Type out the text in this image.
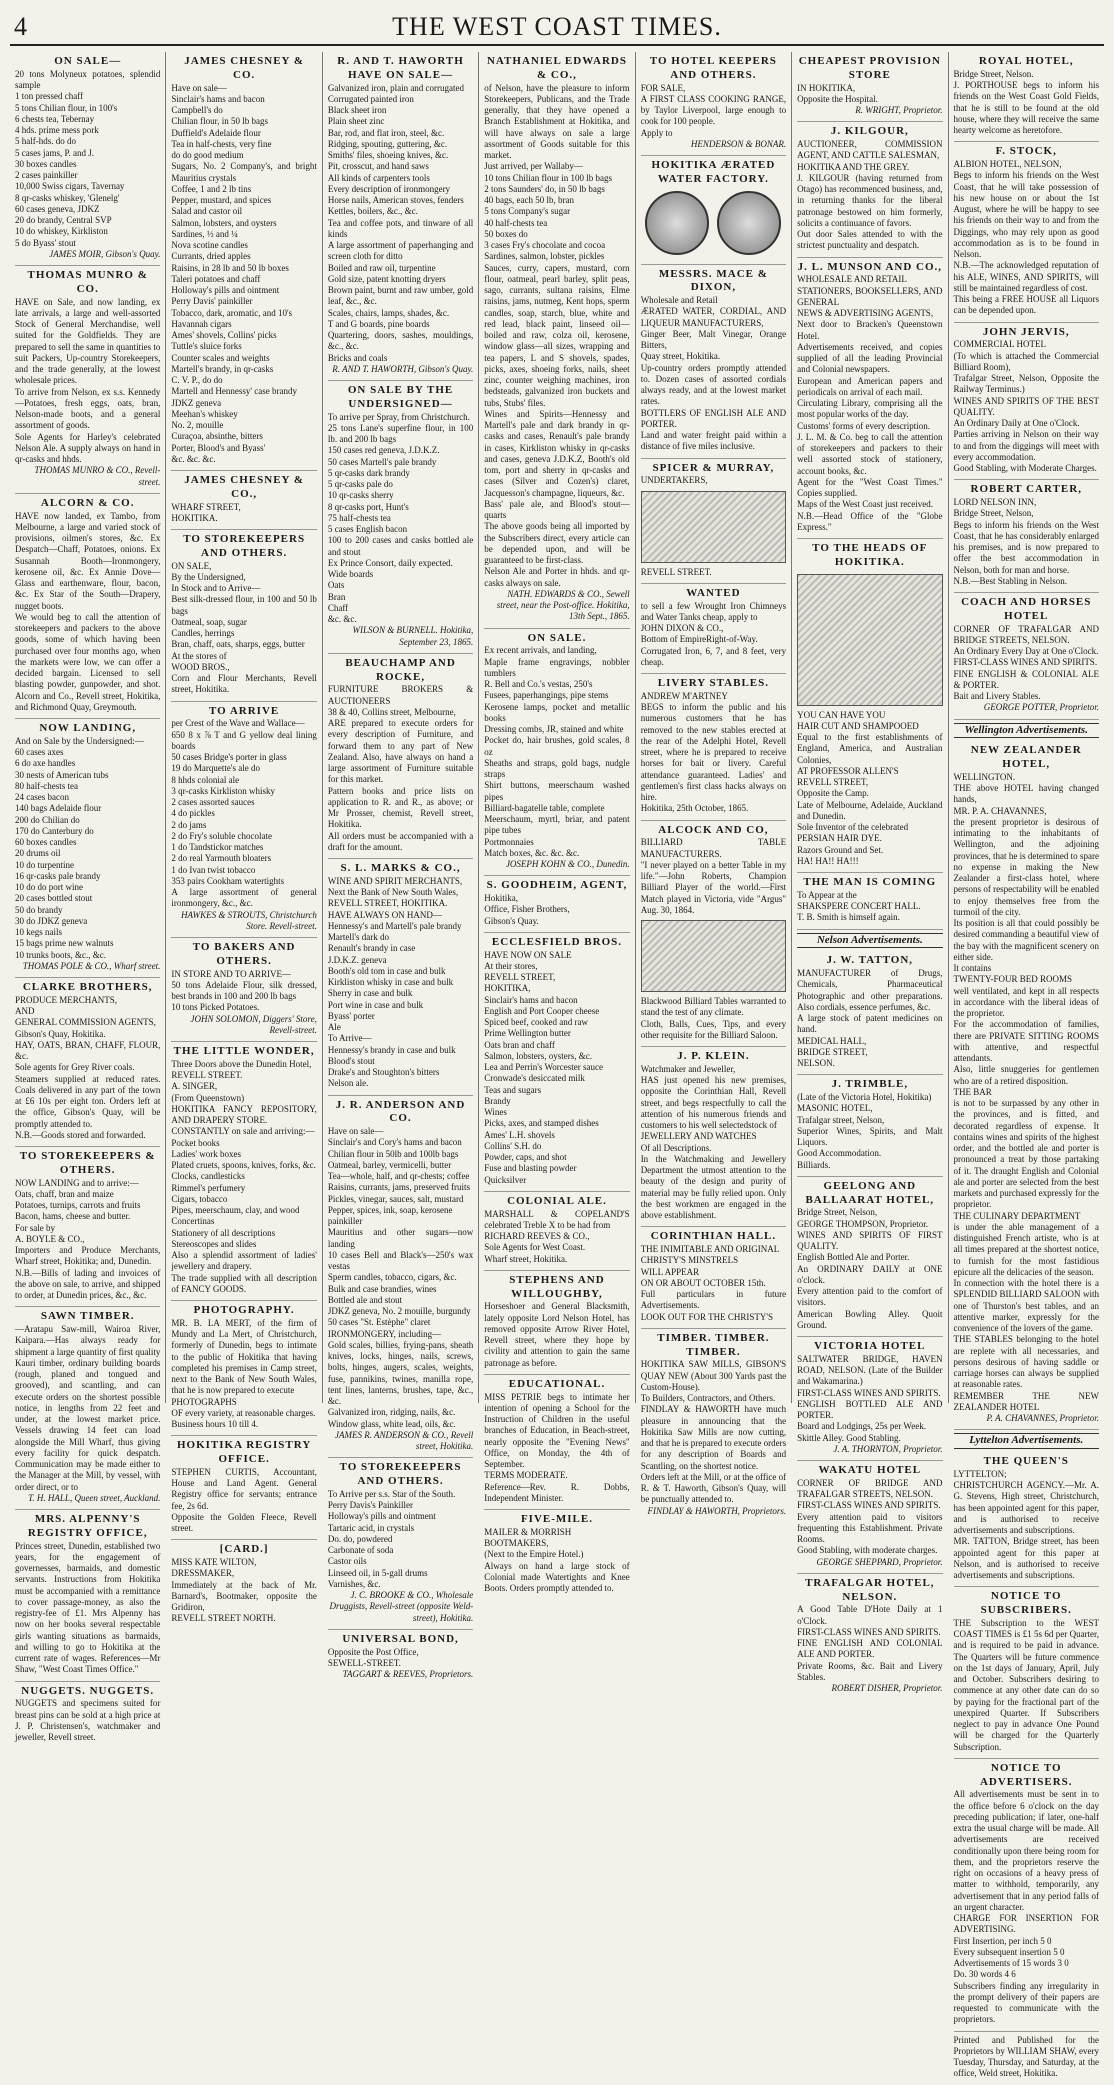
4	THE WEST COAST TIMES.
ON SALE—
20 tons Molyneux potatoes, splendid sample
1 ton pressed chaff
5 tons Chilian flour, in 100's
6 chests tea, Tebernay
4 hds. prime mess pork
5 half-hds. do do
5 cases jams, P. and J.
30 boxes candles
2 cases painkiller
10,000 Swiss cigars, Tavernay
8 qr-casks whiskey, 'Glenelg'
60 cases geneva, JDKZ
20 do brandy, Central SVP
10 do whiskey, Kirkliston
5 do Byass' stout
JAMES MOIR, Gibson's Quay.
THOMAS MUNRO & CO.
HAVE on Sale, and now landing, ex late arrivals, a large and well-assorted Stock of General Merchandise, well suited for the Goldfields. They are prepared to sell the same in quantities to suit Packers, Up-country Storekeepers, and the trade generally, at the lowest wholesale prices.
To arrive from Nelson, ex s.s. Kennedy—Potatoes, fresh eggs, oats, bran, Nelson-made boots, and a general assortment of goods.
Sole Agents for Harley's celebrated Nelson Ale. A supply always on hand in qr-casks and hhds.
THOMAS MUNRO & CO., Revell-street.
ALCORN & CO.
HAVE now landed, ex Tambo, from Melbourne, a large and varied stock of provisions, oilmen's stores, &c. Ex Despatch—Chaff, Potatoes, onions. Ex Susannah Booth—Ironmongery, kerosene oil, &c. Ex Annie Dove—Glass and earthenware, flour, bacon, &c. Ex Star of the South—Drapery, nugget boots.
We would beg to call the attention of storekeepers and packers to the above goods, some of which having been purchased over four months ago, when the markets were low, we can offer a decided bargain. Licensed to sell blasting powder, gunpowder, and shot. Alcorn and Co., Revell street, Hokitika, and Richmond Quay, Greymouth.
NOW LANDING,
And on Sale by the Undersigned:—
60 cases axes
6 do axe handles
30 nests of American tubs
80 half-chests tea
24 cases bacon
140 bags Adelaide flour
200 do Chilian do
170 do Canterbury do
60 boxes candles
20 drums oil
10 do turpentine
16 qr-casks pale brandy
10 do do port wine
20 cases bottled stout
50 do brandy
30 do JDKZ geneva
10 kegs nails
15 bags prime new walnuts
10 trunks boots, &c., &c.
THOMAS POLE & CO., Wharf street.
CLARKE BROTHERS,
PRODUCE MERCHANTS,
AND
GENERAL COMMISSION AGENTS,
Gibson's Quay, Hokitika.
HAY, OATS, BRAN, CHAFF, FLOUR, &c.
Sole agents for Grey River coals.
Steamers supplied at reduced rates. Coals delivered in any part of the town at £6 10s per eight ton. Orders left at the office, Gibson's Quay, will be promptly attended to.
N.B.—Goods stored and forwarded.
TO STOREKEEPERS & OTHERS.
NOW LANDING and to arrive:—
Oats, chaff, bran and maize
Potatoes, turnips, carrots and fruits
Bacon, hams, cheese and butter.
For sale by
A. BOYLE & CO.,
Importers and Produce Merchants, Wharf street, Hokitika; and, Dunedin.
N.B.—Bills of lading and invoices of the above on sale, to arrive, and shipped to order, at Dunedin prices, &c., &c.
SAWN TIMBER.
—Aratapu Saw-mill, Wairoa River, Kaipara.—Has always ready for shipment a large quantity of first quality Kauri timber, ordinary building boards (rough, planed and tongued and grooved), and scantling, and can execute orders on the shortest possible notice, in lengths from 22 feet and under, at the lowest market price. Vessels drawing 14 feet can load alongside the Mill Wharf, thus giving every facility for quick despatch. Communication may be made either to the Manager at the Mill, by vessel, with order direct, or to
T. H. HALL, Queen street, Auckland.
MRS. ALPENNY'S REGISTRY OFFICE,
Princes street, Dunedin, established two years, for the engagement of governesses, barmaids, and domestic servants. Instructions from Hokitika must be accompanied with a remittance to cover passage-money, as also the registry-fee of £1. Mrs Alpenny has now on her books several respectable girls wanting situations as barmaids, and willing to go to Hokitika at the current rate of wages. References—Mr Shaw, "West Coast Times Office."
NUGGETS. NUGGETS.
NUGGETS and specimens suited for breast pins can be sold at a high price at J. P. Christensen's, watchmaker and jeweller, Revell street.
JAMES CHESNEY & CO.
Have on sale—
Sinclair's hams and bacon
Campbell's do
Chilian flour, in 50 lb bags
Duffield's Adelaide flour
Tea in half-chests, very fine
do do good medium
Sugars, No. 2 Company's, and bright Mauritius crystals
Coffee, 1 and 2 lb tins
Pepper, mustard, and spices
Salad and castor oil
Salmon, lobsters, and oysters
Sardines, ½ and ¼
Nova scotine candles
Currants, dried apples
Raisins, in 28 lb and 50 lb boxes
Taleri potatoes and chaff
Holloway's pills and ointment
Perry Davis' painkiller
Tobacco, dark, aromatic, and 10's
Havannah cigars
Ames' shovels, Collins' picks
Tuttle's sluice forks
Counter scales and weights
Martell's brandy, in qr-casks
C. V. P., do do
Martell and Hennessy' case brandy
JDKZ geneva
Meehan's whiskey
No. 2, mouille
Curaçoa, absinthe, bitters
Porter, Blood's and Byass'
&c. &c. &c.
JAMES CHESNEY & CO.,
WHARF STREET,
HOKITIKA.
TO STOREKEEPERS AND OTHERS.
ON SALE,
By the Undersigned,
In Stock and to Arrive—
Best silk-dressed flour, in 100 and 50 lb bags
Oatmeal, soap, sugar
Candles, herrings
Bran, chaff, oats, sharps, eggs, butter
At the stores of
WOOD BROS.,
Corn and Flour Merchants, Revell street, Hokitika.
TO ARRIVE
per Crest of the Wave and Wallace—
650 8 x ⅞ T and G yellow deal lining boards
50 cases Bridge's porter in glass
19 do Marquette's ale do
8 hhds colonial ale
3 qr-casks Kirkliston whisky
2 cases assorted sauces
4 do pickles
2 do jams
2 do Fry's soluble chocolate
1 do Tandstickor matches
2 do real Yarmouth bloaters
1 do Ivan twist tobacco
353 pairs Cookham watertights
A large assortment of general ironmongery, &c., &c.
HAWKES & STROUTS, Christchurch Store. Revell-street.
TO BAKERS AND OTHERS.
IN STORE AND TO ARRIVE—
50 tons Adelaide Flour, silk dressed, best brands in 100 and 200 lb bags
10 tons Picked Potatoes.
JOHN SOLOMON, Diggers' Store, Revell-street.
THE LITTLE WONDER,
Three Doors above the Dunedin Hotel,
REVELL STREET.
A. SINGER,
(From Queenstown)
HOKITIKA FANCY REPOSITORY, AND DRAPERY STORE.
CONSTANTLY on sale and arriving:—
Pocket books
Ladies' work boxes
Plated cruets, spoons, knives, forks, &c.
Clocks, candlesticks
Rimmel's perfumery
Cigars, tobacco
Pipes, meerschaum, clay, and wood
Concertinas
Stationery of all descriptions
Stereoscopes and slides
Also a splendid assortment of ladies' jewellery and drapery.
The trade supplied with all description of FANCY GOODS.
PHOTOGRAPHY.
MR. B. LA MERT, of the firm of Mundy and La Mert, of Christchurch, formerly of Dunedin, begs to intimate to the public of Hokitika that having completed his premises in Camp street, next to the Bank of New South Wales, that he is now prepared to execute
PHOTOGRAPHS
OF every variety, at reasonable charges.
Business hours 10 till 4.
HOKITIKA REGISTRY OFFICE.
STEPHEN CURTIS, Accountant, House and Land Agent. General Registry office for servants; entrance fee, 2s 6d.
Opposite the Golden Fleece, Revell street.
[CARD.]
MISS KATE WILTON,
DRESSMAKER,
Immediately at the back of Mr. Barnard's, Bootmaker, opposite the Gridiron,
REVELL STREET NORTH.
R. AND T. HAWORTH HAVE ON SALE—
Galvanized iron, plain and corrugated
Corrugated painted iron
Black sheet iron
Plain sheet zinc
Bar, rod, and flat iron, steel, &c.
Ridging, spouting, guttering, &c.
Smiths' files, shoeing knives, &c.
Pit, crosscut, and hand saws
All kinds of carpenters tools
Every description of ironmongery
Horse nails, American stoves, fenders
Kettles, boilers, &c., &c.
Tea and coffee pots, and tinware of all kinds
A large assortment of paperhanging and screen cloth for ditto
Boiled and raw oil, turpentine
Gold size, patent knotting dryers
Brown paint, burnt and raw umber, gold leaf, &c., &c.
Scales, chairs, lamps, shades, &c.
T and G boards, pine boards
Quartering, doors, sashes, mouldings, &c., &c.
Bricks and coals
R. AND T. HAWORTH, Gibson's Quay.
ON SALE BY THE UNDERSIGNED—
To arrive per Spray, from Christchurch.
25 tons Lane's superfine flour, in 100 lb. and 200 lb bags
150 cases red geneva, J.D.K.Z.
50 cases Martell's pale brandy
5 qr-casks dark brandy
5 qr-casks pale do
10 qr-casks sherry
8 qr-casks port, Hunt's
75 half-chests tea
5 cases English bacon
100 to 200 cases and casks bottled ale and stout
Ex Prince Consort, daily expected.
Wide boards
Oats
Bran
Chaff
&c. &c.
WILSON & BURNELL. Hokitika, September 23, 1865.
BEAUCHAMP AND ROCKE,
FURNITURE BROKERS & AUCTIONEERS
38 & 40, Collins street, Melbourne,
ARE prepared to execute orders for every description of Furniture, and forward them to any part of New Zealand. Also, have always on hand a large assortment of Furniture suitable for this market.
Pattern books and price lists on application to R. and R., as above; or Mr Prosser, chemist, Revell street, Hokitika.
All orders must be accompanied with a draft for the amount.
S. L. MARKS & CO.,
WINE AND SPIRIT MERCHANTS,
Next the Bank of New South Wales,
REVELL STREET, HOKITIKA.
HAVE ALWAYS ON HAND—
Hennessy's and Martell's pale brandy
Martell's dark do
Renault's brandy in case
J.D.K.Z. geneva
Booth's old tom in case and bulk
Kirkliston whisky in case and bulk
Sherry in case and bulk
Port wine in case and bulk
Byass' porter
Ale
To Arrive—
Hennessy's brandy in case and bulk
Blood's stout
Drake's and Stoughton's bitters
Nelson ale.
J. R. ANDERSON AND CO.
Have on sale—
Sinclair's and Cory's hams and bacon
Chilian flour in 50lb and 100lb bags
Oatmeal, barley, vermicelli, butter
Tea—whole, half, and qr-chests; coffee
Raisins, currants, jams, preserved fruits
Pickles, vinegar, sauces, salt, mustard
Pepper, spices, ink, soap, kerosene
painkiller
Mauritius and other sugars—now landing
10 cases Bell and Black's—250's wax vestas
Sperm candles, tobacco, cigars, &c.
Bulk and case brandies, wines
Bottled ale and stout
JDKZ geneva, No. 2 mouille, burgundy
50 cases "St. Estèphe" claret
IRONMONGERY, including—
Gold scales, billies, frying-pans, sheath knives, locks, hinges, nails, screws, bolts, hinges, augers, scales, weights, fuse, pannikins, twines, manilla rope, tent lines, lanterns, brushes, tape, &c., &c.
Galvanized iron, ridging, nails, &c.
Window glass, white lead, oils, &c.
JAMES R. ANDERSON & CO., Revell street, Hokitika.
TO STOREKEEPERS AND OTHERS.
To Arrive per s.s. Star of the South.
Perry Davis's Painkiller
Holloway's pills and ointment
Tartaric acid, in crystals
Do. do, powdered
Carbonate of soda
Castor oils
Linseed oil, in 5-gall drums
Varnishes, &c.
J. C. BROOKE & CO., Wholesale Druggists, Revell-street (opposite Weld-street), Hokitika.
UNIVERSAL BOND,
Opposite the Post Office,
SEWELL-STREET.
TAGGART & REEVES, Proprietors.
NATHANIEL EDWARDS & CO.,
of Nelson, have the pleasure to inform Storekeepers, Publicans, and the Trade generally, that they have opened a Branch Establishment at Hokitika, and will have always on sale a large assortment of Goods suitable for this market.
Just arrived, per Wallaby—
10 tons Chilian flour in 100 lb bags
2 tons Saunders' do, in 50 lb bags
40 bags, each 50 lb, bran
5 tons Company's sugar
40 half-chests tea
50 boxes do
3 cases Fry's chocolate and cocoa
Sardines, salmon, lobster, pickles
Sauces, curry, capers, mustard, corn flour, oatmeal, pearl barley, split peas, sago, currants, sultana raisins, Elme raisins, jams, nutmeg, Kent hops, sperm candles, soap, starch, blue, white and red lead, black paint, linseed oil—boiled and raw, colza oil, kerosene, window glass—all sizes, wrapping and tea papers, L and S shovels, spades, picks, axes, shoeing forks, nails, sheet zinc, counter weighing machines, iron bedsteads, galvanized iron buckets and tubs, Stubs' files.
Wines and Spirits—Hennessy and Martell's pale and dark brandy in qr-casks and cases, Renault's pale brandy in cases, Kirkliston whisky in qr-casks and cases, geneva J.D.K.Z, Booth's old tom, port and sherry in qr-casks and cases (Silver and Cozen's) claret, Jacquesson's champagne, liqueurs, &c.
Bass' pale ale, and Blood's stout—quarts
The above goods being all imported by the Subscribers direct, every article can be depended upon, and will be guaranteed to be first-class.
Nelson Ale and Porter in hhds. and qr-casks always on sale.
NATH. EDWARDS & CO., Sewell street, near the Post-office. Hokitika, 13th Sept., 1865.
ON SALE.
Ex recent arrivals, and landing,
Maple frame engravings, nobbler tumblers
R. Bell and Co.'s vestas, 250's
Fusees, paperhangings, pipe stems
Kerosene lamps, pocket and metallic books
Dressing combs, JR, stained and white
Pocket do, hair brushes, gold scales, 8 oz
Sheaths and straps, gold bags, nudgle straps
Shirt buttons, meerschaum washed pipes
Billiard-bagatelle table, complete
Meerschaum, myrtl, briar, and patent pipe tubes
Portmonnaies
Match boxes, &c. &c. &c.
JOSEPH KOHN & CO., Dunedin.
S. GOODHEIM, AGENT,
Hokitika,
Office, Fisher Brothers,
Gibson's Quay.
ECCLESFIELD BROS.
HAVE NOW ON SALE
At their stores,
REVELL STREET,
HOKITIKA,
Sinclair's hams and bacon
English and Port Cooper cheese
Spiced beef, cooked and raw
Prime Wellington butter
Oats bran and chaff
Salmon, lobsters, oysters, &c.
Lea and Perrin's Worcester sauce
Cronwade's desiccated milk
Teas and sugars
Brandy
Wines
Picks, axes, and stamped dishes
Ames' L.H. shovels
Collins' S.H. do
Powder, caps, and shot
Fuse and blasting powder
Quicksilver
COLONIAL ALE.
MARSHALL & COPELAND'S celebrated Treble X to be had from
RICHARD REEVES & CO.,
Sole Agents for West Coast.
Wharf street, Hokitika.
STEPHENS AND WILLOUGHBY,
Horseshoer and General Blacksmith, lately opposite Lord Nelson Hotel, has removed opposite Arrow River Hotel, Revell street, where they hope by civility and attention to gain the same patronage as before.
EDUCATIONAL.
MISS PETRIE begs to intimate her intention of opening a School for the Instruction of Children in the useful branches of Education, in Beach-street, nearly opposite the "Evening News" Office, on Monday, the 4th of September.
TERMS MODERATE.
Reference—Rev. R. Dobbs, Independent Minister.
FIVE-MILE.
MAILER & MORRISH
BOOTMAKERS,
(Next to the Empire Hotel.)
Always on hand a large stock of Colonial made Watertights and Knee Boots. Orders promptly attended to.
TO HOTEL KEEPERS AND OTHERS.
FOR SALE,
A FIRST CLASS COOKING RANGE, by Taylor Liverpool, large enough to cook for 100 people.
Apply to
HENDERSON & BONAR.
HOKITIKA ÆRATED WATER FACTORY.
MESSRS. MACE & DIXON,
Wholesale and Retail
ÆRATED WATER, CORDIAL, AND LIQUEUR MANUFACTURERS,
Ginger Beer, Malt Vinegar, Orange Bitters,
Quay street, Hokitika.
Up-country orders promptly attended to. Dozen cases of assorted cordials always ready, and at the lowest market rates.
BOTTLERS OF ENGLISH ALE AND PORTER.
Land and water freight paid within a distance of five miles inclusive.
SPICER & MURRAY,
UNDERTAKERS,
REVELL STREET.
WANTED
to sell a few Wrought Iron Chimneys and Water Tanks cheap, apply to
JOHN DIXON & CO.,
Bottom of EmpireRight-of-Way.
Corrugated Iron, 6, 7, and 8 feet, very cheap.
LIVERY STABLES.
ANDREW M'ARTNEY
BEGS to inform the public and his numerous customers that he has removed to the new stables erected at the rear of the Adelphi Hotel, Revell street, where he is prepared to receive horses for bait or livery. Careful attendance guaranteed. Ladies' and gentlemen's first class hacks always on hire.
Hokitika, 25th October, 1865.
ALCOCK AND CO,
BILLIARD TABLE MANUFACTURERS.
"I never played on a better Table in my life."—John Roberts, Champion Billiard Player of the world.—First Match played in Victoria, vide "Argus" Aug. 30, 1864.
Blackwood Billiard Tables warranted to stand the test of any climate.
Cloth, Balls, Cues, Tips, and every other requisite for the Billiard Saloon.
J. P. KLEIN.
Watchmaker and Jeweller,
HAS just opened his new premises, opposite the Corinthian Hall, Revell street, and begs respectfully to call the attention of his numerous friends and customers to his well selectedstock of
JEWELLERY AND WATCHES
Of all Descriptions.
In the Watchmaking and Jewellery Department the utmost attention to the beauty of the design and purity of material may be fully relied upon. Only the best workmen are engaged in the above establishment.
CORINTHIAN HALL.
THE INIMITABLE AND ORIGINAL
CHRISTY'S MINSTRELS
WILL APPEAR
ON OR ABOUT OCTOBER 15th.
Full particulars in future Advertisements.
LOOK OUT FOR THE CHRISTY'S
TIMBER. TIMBER. TIMBER.
HOKITIKA SAW MILLS, GIBSON'S QUAY NEW (About 300 Yards past the Custom-House).
To Builders, Contractors, and Others.
FINDLAY & HAWORTH have much pleasure in announcing that the Hokitika Saw Mills are now cutting, and that he is prepared to execute orders for any description of Boards and Scantling, on the shortest notice.
Orders left at the Mill, or at the office of R. & T. Haworth, Gibson's Quay, will be punctually attended to.
FINDLAY & HAWORTH, Proprietors.
CHEAPEST PROVISION STORE
IN HOKITIKA,
Opposite the Hospital.
R. WRIGHT, Proprietor.
J. KILGOUR,
AUCTIONEER, COMMISSION AGENT, AND CATTLE SALESMAN,
HOKITIKA AND THE GREY.
J. KILGOUR (having returned from Otago) has recommenced business, and, in returning thanks for the liberal patronage bestowed on him formerly, solicits a continuance of favors.
Out door Sales attended to with the strictest punctuality and despatch.
J. L. MUNSON AND CO.,
WHOLESALE AND RETAIL
STATIONERS, BOOKSELLERS, AND GENERAL
NEWS & ADVERTISING AGENTS,
Next door to Bracken's Queenstown Hotel.
Advertisements received, and copies supplied of all the leading Provincial and Colonial newspapers.
European and American papers and periodicals on arrival of each mail.
Circulating Library, comprising all the most popular works of the day.
Customs' forms of every description.
J. L. M. & Co. beg to call the attention of storekeepers and packers to their well assorted stock of stationery, account books, &c.
Agent for the "West Coast Times." Copies supplied.
Maps of the West Coast just received.
N.B.—Head Office of the "Globe Express."
TO THE HEADS OF HOKITIKA.
YOU CAN HAVE YOU
HAIR CUT AND SHAMPOOED
Equal to the first establishments of England, America, and Australian Colonies,
AT PROFESSOR ALLEN'S
REVELL STREET,
Opposite the Camp.
Late of Melbourne, Adelaide, Auckland and Dunedin.
Sole Inventor of the celebrated
PERSIAN HAIR DYE.
Razors Ground and Set.
HA! HA!! HA!!!
THE MAN IS COMING
To Appear at the
SHAKSPERE CONCERT HALL.
T. B. Smith is himself again.
Nelson Advertisements.
J. W. TATTON,
MANUFACTURER of Drugs, Chemicals, Pharmaceutical Photographic and other preparations. Also cordials, essence perfumes, &c.
A large stock of patent medicines on hand.
MEDICAL HALL,
BRIDGE STREET,
NELSON.
J. TRIMBLE,
(Late of the Victoria Hotel, Hokitika)
MASONIC HOTEL,
Trafalgar street, Nelson,
Superior Wines, Spirits, and Malt Liquors.
Good Accommodation.
Billiards.
GEELONG AND BALLAARAT HOTEL,
Bridge Street, Nelson,
GEORGE THOMPSON, Proprietor.
WINES AND SPIRITS OF FIRST QUALITY.
English Bottled Ale and Porter.
An ORDINARY DAILY at ONE o'clock.
Every attention paid to the comfort of visitors.
American Bowling Alley. Quoit Ground.
VICTORIA HOTEL
SALTWATER BRIDGE, HAVEN ROAD, NELSON. (Late of the Builder and Wakamarina.)
FIRST-CLASS WINES AND SPIRITS.
ENGLISH BOTTLED ALE AND PORTER.
Board and Lodgings, 25s per Week.
Skittle Alley. Good Stabling.
J. A. THORNTON, Proprietor.
WAKATU HOTEL
CORNER OF BRIDGE AND TRAFALGAR STREETS, NELSON.
FIRST-CLASS WINES AND SPIRITS.
Every attention paid to visitors frequenting this Establishment. Private Rooms.
Good Stabling, with moderate charges.
GEORGE SHEPPARD, Proprietor.
TRAFALGAR HOTEL, NELSON.
A Good Table D'Hote Daily at 1 o'Clock.
FIRST-CLASS WINES AND SPIRITS.
FINE ENGLISH AND COLONIAL ALE AND PORTER.
Private Rooms, &c. Bait and Livery Stables.
ROBERT DISHER, Proprietor.
ROYAL HOTEL,
Bridge Street, Nelson.
J. PORTHOUSE begs to inform his friends on the West Coast Gold Fields, that he is still to be found at the old house, where they will receive the same hearty welcome as heretofore.
F. STOCK,
ALBION HOTEL, NELSON,
Begs to inform his friends on the West Coast, that he will take possession of his new house on or about the 1st August, where he will be happy to see his friends on their way to and from the Diggings, who may rely upon as good accommodation as is to be found in Nelson.
N.B.—The acknowledged reputation of his ALE, WINES, AND SPIRITS, will still be maintained regardless of cost.
This being a FREE HOUSE all Liquors can be depended upon.
JOHN JERVIS,
COMMERCIAL HOTEL
(To which is attached the Commercial Billiard Room),
Trafalgar Street, Nelson, Opposite the Railway Terminus.)
WINES AND SPIRITS OF THE BEST QUALITY.
An Ordinary Daily at One o'Clock.
Parties arriving in Nelson on their way to and from the diggings will meet with every accommodation.
Good Stabling, with Moderate Charges.
ROBERT CARTER,
LORD NELSON INN,
Bridge Street, Nelson,
Begs to inform his friends on the West Coast, that he has considerably enlarged his premises, and is now prepared to offer the best accommodation in Nelson, both for man and horse.
N.B.—Best Stabling in Nelson.
COACH AND HORSES HOTEL
CORNER OF TRAFALGAR AND BRIDGE STREETS, NELSON.
An Ordinary Every Day at One o'Clock.
FIRST-CLASS WINES AND SPIRITS.
FINE ENGLISH & COLONIAL ALE & PORTER.
Bait and Livery Stables.
GEORGE POTTER, Proprietor.
Wellington Advertisements.
NEW ZEALANDER HOTEL,
WELLINGTON.
THE above HOTEL having changed hands,
MR. P. A. CHAVANNES,
the present proprietor is desirous of intimating to the inhabitants of Wellington, and the adjoining provinces, that he is determined to spare no expense in making the New Zealander a first-class hotel, where persons of respectability will be enabled to enjoy themselves free from the turmoil of the city.
Its position is all that could possibly be desired commanding a beautiful view of the bay with the magnificent scenery on either side.
It contains
TWENTY-FOUR BED ROOMS
well ventilated, and kept in all respects in accordance with the liberal ideas of the proprietor.
For the accommodation of families, there are PRIVATE SITTING ROOMS with attentive, and respectful attendants.
Also, little snuggeries for gentlemen who are of a retired disposition.
THE BAR
is not to be surpassed by any other in the provinces, and is fitted, and decorated regardless of expense. It contains wines and spirits of the highest order, and the bottled ale and porter is pronounced a treat by those partaking of it. The draught English and Colonial ale and porter are selected from the best markets and purchased expressly for the proprietor.
THE CULINARY DEPARTMENT
is under the able management of a distinguished French artiste, who is at all times prepared at the shortest notice, to furnish for the most fastidious epicure all the delicacies of the season.
In connection with the hotel there is a SPLENDID BILLIARD SALOON with one of Thurston's best tables, and an attentive marker, expressly for the convenience of the lovers of the game.
THE STABLES belonging to the hotel are replete with all necessaries, and persons desirous of having saddle or carriage horses can always be supplied at reasonable rates.
REMEMBER THE NEW ZEALANDER HOTEL
P. A. CHAVANNES, Proprietor.
Lyttelton Advertisements.
THE QUEEN'S
LYTTELTON;
CHRISTCHURCH AGENCY.—Mr. A. G. Stevens, High street, Christchurch, has been appointed agent for this paper, and is authorised to receive advertisements and subscriptions.
MR. TATTON, Bridge street, has been appointed agent for this paper at Nelson, and is authorised to receive advertisements and subscriptions.
NOTICE TO SUBSCRIBERS.
THE Subscription to the WEST COAST TIMES is £1 5s 6d per Quarter, and is required to be paid in advance. The Quarters will be future commence on the 1st days of January, April, July and October. Subscribers desiring to commence at any other date can do so by paying for the fractional part of the unexpired Quarter. If Subscribers neglect to pay in advance One Pound will be charged for the Quarterly Subscription.
NOTICE TO ADVERTISERS.
All advertisements must be sent in to the office before 6 o'clock on the day preceding publication; if later, one-half extra the usual charge will be made. All advertisements are received conditionally upon there being room for them, and the proprietors reserve the right on occasions of a heavy press of matter to withhold, temporarily, any advertisement that in any period falls of an urgent character.
CHARGE FOR INSERTION FOR ADVERTISING.
First Insertion, per inch 5 0
Every subsequent insertion 5 0
Advertisements of 15 words 3 0
Do. 30 words 4 6
Subscribers finding any irregularity in the prompt delivery of their papers are requested to communicate with the proprietors.
Printed and Published for the Proprietors by WILLIAM SHAW, every Tuesday, Thursday, and Saturday, at the office, Weld street, Hokitika.
